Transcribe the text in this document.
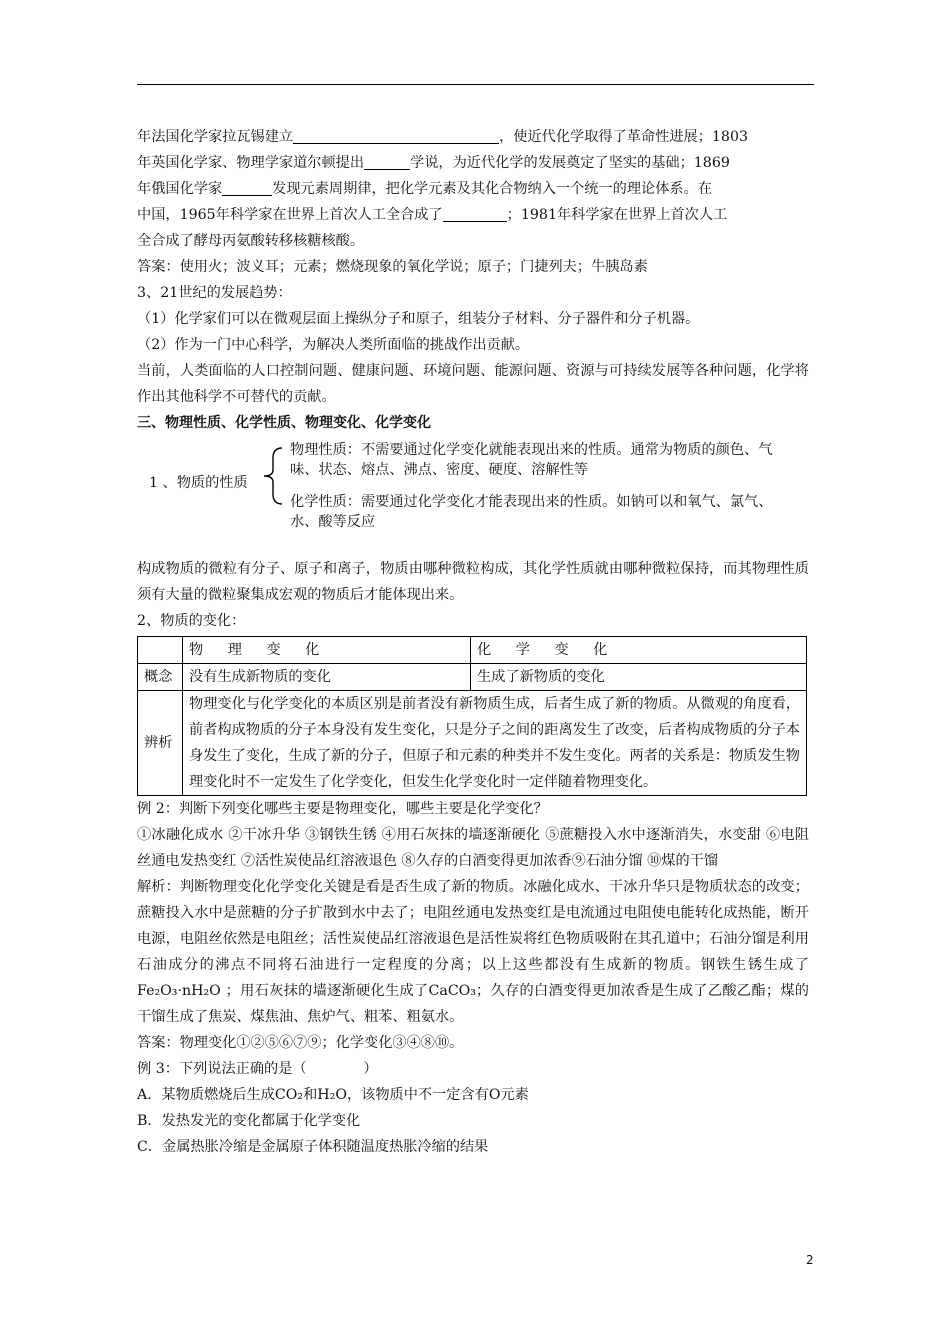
年法国化学家拉瓦锡建立	，使近代化学取得了革命性进展；1803

年英国化学家、物理学家道尔顿提出	学说，为近代化学的发展奠定了坚实的基础；1869

年俄国化学家	发现元素周期律，把化学元素及其化合物纳入一个统一的理论体系。在

中国，1965年科学家在世界上首次人工全合成了	；1981年科学家在世界上首次人工

全合成了酵母丙氨酸转移核糖核酸。

答案：使用火；波义耳；元素；燃烧现象的氧化学说；原子；门捷列夫；牛胰岛素

3、21世纪的发展趋势：

（1）化学家们可以在微观层面上操纵分子和原子，组装分子材料、分子器件和分子机器。

（2）作为一门中心科学，为解决人类所面临的挑战作出贡献。

当前，人类面临的人口控制问题、健康问题、环境问题、能源问题、资源与可持续发展等各种问题，化学将作出其他科学不可替代的贡献。

三、物理性质、化学性质、物理变化、化学变化

1 、物质的性质
物理性质：不需要通过化学变化就能表现出来的性质。通常为物质的颜色、气味、状态、熔点、沸点、密度、硬度、溶解性等
化学性质：需要通过化学变化才能表现出来的性质。如钠可以和氧气、氯气、水、酸等反应

构成物质的微粒有分子、原子和离子，物质由哪种微粒构成，其化学性质就由哪种微粒保持，而其物理性质须有大量的微粒聚集成宏观的物质后才能体现出来。

2、物质的变化：

	物 理 变 化	化 学 变 化
概念	没有生成新物质的变化	生成了新物质的变化
辨析	物理变化与化学变化的本质区别是前者没有新物质生成，后者生成了新的物质。从微观的角度看，前者构成物质的分子本身没有发生变化，只是分子之间的距离发生了改变，后者构成物质的分子本身发生了变化，生成了新的分子，但原子和元素的种类并不发生变化。两者的关系是：物质发生物理变化时不一定发生了化学变化，但发生化学变化时一定伴随着物理变化。	

例 2：判断下列变化哪些主要是物理变化，哪些主要是化学变化？

①冰融化成水 ②干冰升华 ③钢铁生锈 ④用石灰抹的墙逐渐硬化 ⑤蔗糖投入水中逐渐消失，水变甜 ⑥电阻丝通电发热变红 ⑦活性炭使品红溶液退色 ⑧久存的白酒变得更加浓香⑨石油分馏 ⑩煤的干馏

解析：判断物理变化化学变化关键是看是否生成了新的物质。冰融化成水、干冰升华只是物质状态的改变；蔗糖投入水中是蔗糖的分子扩散到水中去了；电阻丝通电发热变红是电流通过电阻使电能转化成热能，断开电源，电阻丝依然是电阻丝；活性炭使品红溶液退色是活性炭将红色物质吸附在其孔道中；石油分馏是利用石油成分的沸点不同将石油进行一定程度的分离；以上这些都没有生成新的物质。钢铁生锈生成了 Fe₂O₃·nH₂O ；用石灰抹的墙逐渐硬化生成了CaCO₃；久存的白酒变得更加浓香是生成了乙酸乙酯；煤的干馏生成了焦炭、煤焦油、焦炉气、粗苯、粗氨水。

答案：物理变化①②⑤⑥⑦⑨；化学变化③④⑧⑩。

例 3：下列说法正确的是（　　　　）

A．某物质燃烧后生成CO₂和H₂O，该物质中不一定含有O元素

B．发热发光的变化都属于化学变化

C．金属热胀冷缩是金属原子体积随温度热胀冷缩的结果

2
